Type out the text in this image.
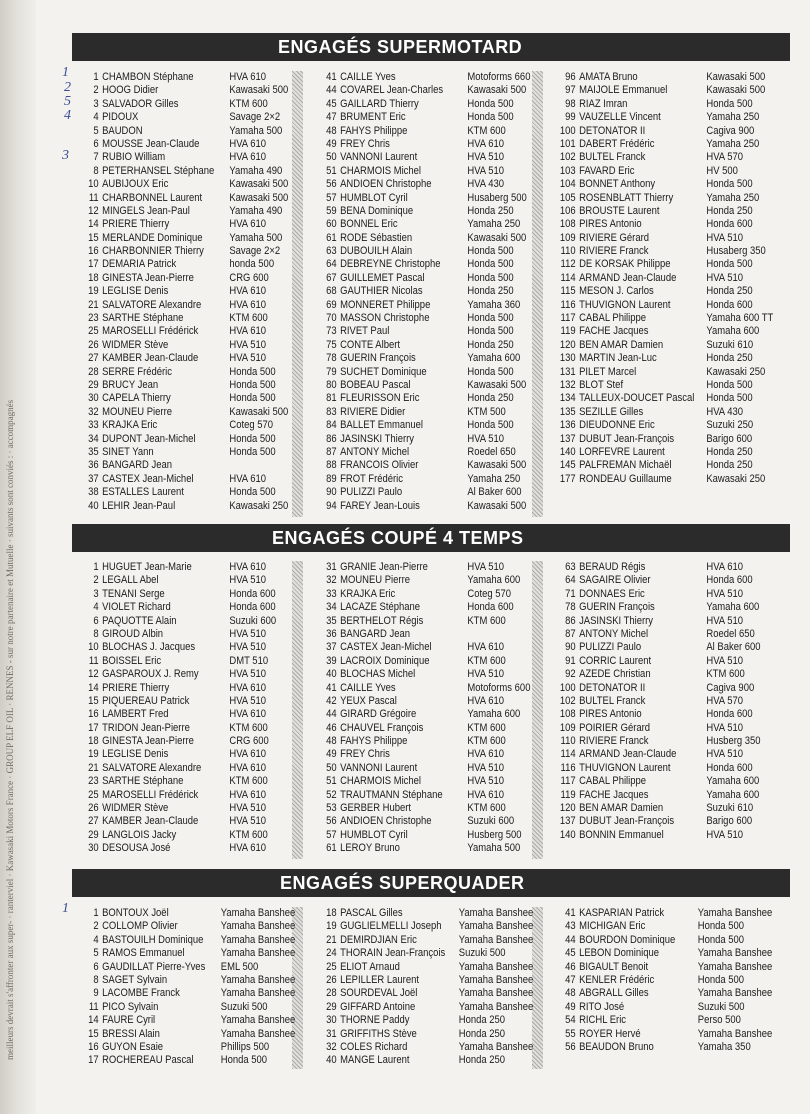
meilleurs devrait s'affronter aux super- · ranterviel · Kawasaki Motors France · GROUP ELF OIL · RENNES - sur notre partenaire et Mutuelle · suivants sont conviés : · accompagnés
1
2
5
4
3
1
ENGAGÉS SUPERMOTARD
1 CHAMBON Stéphane	HVA 610
2 HOOG Didier	Kawasaki 500
3 SALVADOR Gilles	KTM 600
4 PIDOUX	Savage 2×2
5 BAUDON	Yamaha 500
6 MOUSSE Jean-Claude	HVA 610
7 RUBIO William	HVA 610
8 PETERHANSEL Stéphane Yamaha 490
10 AUBIJOUX Eric	Kawasaki 500
11 CHARBONNEL Laurent Kawasaki 500
12 MINGELS Jean-Paul	Yamaha 490
14 PRIERE Thierry	HVA 610
15 MERLANDE Dominique Yamaha 500
16 CHARBONNIER Thierry Savage 2×2
17 DEMARIA Patrick	honda 500
18 GINESTA Jean-Pierre	CRG 600
19 LEGLISE Denis	HVA 610
21 SALVATORE Alexandre	HVA 610
23 SARTHE Stéphane	KTM 600
25 MAROSELLI Frédérick	HVA 610
26 WIDMER Stève	HVA 510
27 KAMBER Jean-Claude	HVA 510
28 SERRE Frédéric	Honda 500
29 BRUCY Jean	Honda 500
30 CAPELA Thierry	Honda 500
32 MOUNEU Pierre	Kawasaki 500
33 KRAJKA Eric	Coteg 570
34 DUPONT Jean-Michel	Honda 500
35 SINET Yann	Honda 500
36 BANGARD Jean
37 CASTEX Jean-Michel	HVA 610
38 ESTALLES Laurent	Honda 500
40 LEHIR Jean-Paul	Kawasaki 250
41 CAILLE Yves	Motoforms 660
44 COVAREL Jean-Charles Kawasaki 500
45 GAILLARD Thierry	Honda 500
47 BRUMENT Eric	Honda 500
48 FAHYS Philippe	KTM 600
49 FREY Chris	HVA 610
50 VANNONI Laurent	HVA 510
51 CHARMOIS Michel	HVA 510
56 ANDIOEN Christophe	HVA 430
57 HUMBLOT Cyril	Husaberg 500
59 BENA Dominique	Honda 250
60 BONNEL Eric	Yamaha 250
61 RODE Sébastien	Kawasaki 500
63 DUBOUILH Alain	Honda 500
64 DEBREYNE Christophe Honda 500
67 GUILLEMET Pascal	Honda 500
68 GAUTHIER Nicolas	Honda 250
69 MONNERET Philippe	Yamaha 360
70 MASSON Christophe	Honda 500
73 RIVET Paul	Honda 500
75 CONTE Albert	Honda 250
78 GUERIN François	Yamaha 600
79 SUCHET Dominique	Honda 500
80 BOBEAU Pascal	Kawasaki 500
81 FLEURISSON Eric	Honda 250
83 RIVIERE Didier	KTM 500
84 BALLET Emmanuel	Honda 500
86 JASINSKI Thierry	HVA 510
87 ANTONY Michel	Roedel 650
88 FRANCOIS Olivier	Kawasaki 500
89 FROT Frédéric	Yamaha 250
90 PULIZZI Paulo	Al Baker 600
94 FAREY Jean-Louis	Kawasaki 500
96 AMATA Bruno	Kawasaki 500
97 MAIJOLE Emmanuel	Kawasaki 500
98 RIAZ Imran	Honda 500
99 VAUZELLE Vincent	Yamaha 250
100 DETONATOR II	Cagiva 900
101 DABERT Frédéric	Yamaha 250
102 BULTEL Franck	HVA 570
103 FAVARD Eric	HV 500
104 BONNET Anthony	Honda 500
105 ROSENBLATT Thierry	Yamaha 250
106 BROUSTE Laurent	Honda 250
108 PIRES Antonio	Honda 600
109 RIVIERE Gérard	HVA 510
110 RIVIERE Franck	Husaberg 350
112 DE KORSAK Philippe	Honda 500
114 ARMAND Jean-Claude	HVA 510
115 MESON J. Carlos	Honda 250
116 THUVIGNON Laurent	Honda 600
117 CABAL Philippe	Yamaha 600 TT
119 FACHE Jacques	Yamaha 600
120 BEN AMAR Damien	Suzuki 610
130 MARTIN Jean-Luc	Honda 250
131 PILET Marcel	Kawasaki 250
132 BLOT Stef	Honda 500
134 TALLEUX-DOUCET Pascal Honda 500
135 SEZILLE Gilles	HVA 430
136 DIEUDONNE Eric	Suzuki 250
137 DUBUT Jean-François	Barigo 600
140 LORFEVRE Laurent	Honda 250
145 PALFREMAN Michaël	Honda 250
177 RONDEAU Guillaume	Kawasaki 250
ENGAGÉS COUPÉ 4 TEMPS
1 HUGUET Jean-Marie	HVA 610
2 LEGALL Abel	HVA 510
3 TENANI Serge	Honda 600
4 VIOLET Richard	Honda 600
6 PAQUOTTE Alain	Suzuki 600
8 GIROUD Albin	HVA 510
10 BLOCHAS J. Jacques	HVA 510
11 BOISSEL Eric	DMT 510
12 GASPAROUX J. Remy	HVA 510
14 PRIERE Thierry	HVA 610
15 PIQUEREAU Patrick	HVA 510
16 LAMBERT Fred	HVA 610
17 TRIDON Jean-Pierre	KTM 600
18 GINESTA Jean-Pierre	CRG 600
19 LEGLISE Denis	HVA 610
21 SALVATORE Alexandre	HVA 610
23 SARTHE Stéphane	KTM 600
25 MAROSELLI Frédérick	HVA 610
26 WIDMER Stève	HVA 510
27 KAMBER Jean-Claude	HVA 510
29 LANGLOIS Jacky	KTM 600
30 DESOUSA José	HVA 610
31 GRANIE Jean-Pierre	HVA 510
32 MOUNEU Pierre	Yamaha 600
33 KRAJKA Eric	Coteg 570
34 LACAZE Stéphane	Honda 600
35 BERTHELOT Régis	KTM 600
36 BANGARD Jean
37 CASTEX Jean-Michel	HVA 610
39 LACROIX Dominique	KTM 600
40 BLOCHAS Michel	HVA 510
41 CAILLE Yves	Motoforms 600
42 YEUX Pascal	HVA 610
44 GIRARD Grégoire	Yamaha 600
46 CHAUVEL François	KTM 600
48 FAHYS Philippe	KTM 600
49 FREY Chris	HVA 610
50 VANNONI Laurent	HVA 510
51 CHARMOIS Michel	HVA 510
52 TRAUTMANN Stéphane HVA 610
53 GERBER Hubert	KTM 600
56 ANDIOEN Christophe	Suzuki 600
57 HUMBLOT Cyril	Husberg 500
61 LEROY Bruno	Yamaha 500
63 BERAUD Régis	HVA 610
64 SAGAIRE Olivier	Honda 600
71 DONNAES Eric	HVA 510
78 GUERIN François	Yamaha 600
86 JASINSKI Thierry	HVA 510
87 ANTONY Michel	Roedel 650
90 PULIZZI Paulo	Al Baker 600
91 CORRIC Laurent	HVA 510
92 AZEDE Christian	KTM 600
100 DETONATOR II	Cagiva 900
102 BULTEL Franck	HVA 570
108 PIRES Antonio	Honda 600
109 POIRIER Gérard	HVA 510
110 RIVIERE Franck	Husberg 350
114 ARMAND Jean-Claude	HVA 510
116 THUVIGNON Laurent	Honda 600
117 CABAL Philippe	Yamaha 600
119 FACHE Jacques	Yamaha 600
120 BEN AMAR Damien	Suzuki 610
137 DUBUT Jean-François	Barigo 600
140 BONNIN Emmanuel	HVA 510
ENGAGÉS SUPERQUADER
1 BONTOUX Joël	Yamaha Banshee
2 COLLOMP Olivier	Yamaha Banshee
4 BASTOUILH Dominique Yamaha Banshee
5 RAMOS Emmanuel	Yamaha Banshee
6 GAUDILLAT Pierre-Yves EML 500
8 SAGET Sylvain	Yamaha Banshee
9 LACOMBE Franck	Yamaha Banshee
11 PICO Sylvain	Suzuki 500
14 FAURE Cyril	Yamaha Banshee
15 BRESSI Alain	Yamaha Banshee
16 GUYON Esaie	Phillips 500
17 ROCHEREAU Pascal Honda 500
18 PASCAL Gilles	Yamaha Banshee
19 GUGLIELMELLI Joseph Yamaha Banshee
21 DEMIRDJIAN Eric	Yamaha Banshee
24 THORAIN Jean-François Suzuki 500
25 ELIOT Arnaud	Yamaha Banshee
26 LEPILLER Laurent	Yamaha Banshee
28 SOURDEVAL Joël	Yamaha Banshee
29 GIFFARD Antoine	Yamaha Banshee
30 THORNE Paddy	Honda 250
31 GRIFFITHS Stève	Honda 250
32 COLES Richard	Yamaha Banshee
40 MANGE Laurent	Honda 250
41 KASPARIAN Patrick	Yamaha Banshee
43 MICHIGAN Eric	Honda 500
44 BOURDON Dominique Honda 500
45 LEBON Dominique	Yamaha Banshee
46 BIGAULT Benoit	Yamaha Banshee
47 KENLER Frédéric	Honda 500
48 ABGRALL Gilles	Yamaha Banshee
49 RITO José	Suzuki 500
54 RICHL Eric	Perso 500
55 ROYER Hervé	Yamaha Banshee
56 BEAUDON Bruno	Yamaha 350
